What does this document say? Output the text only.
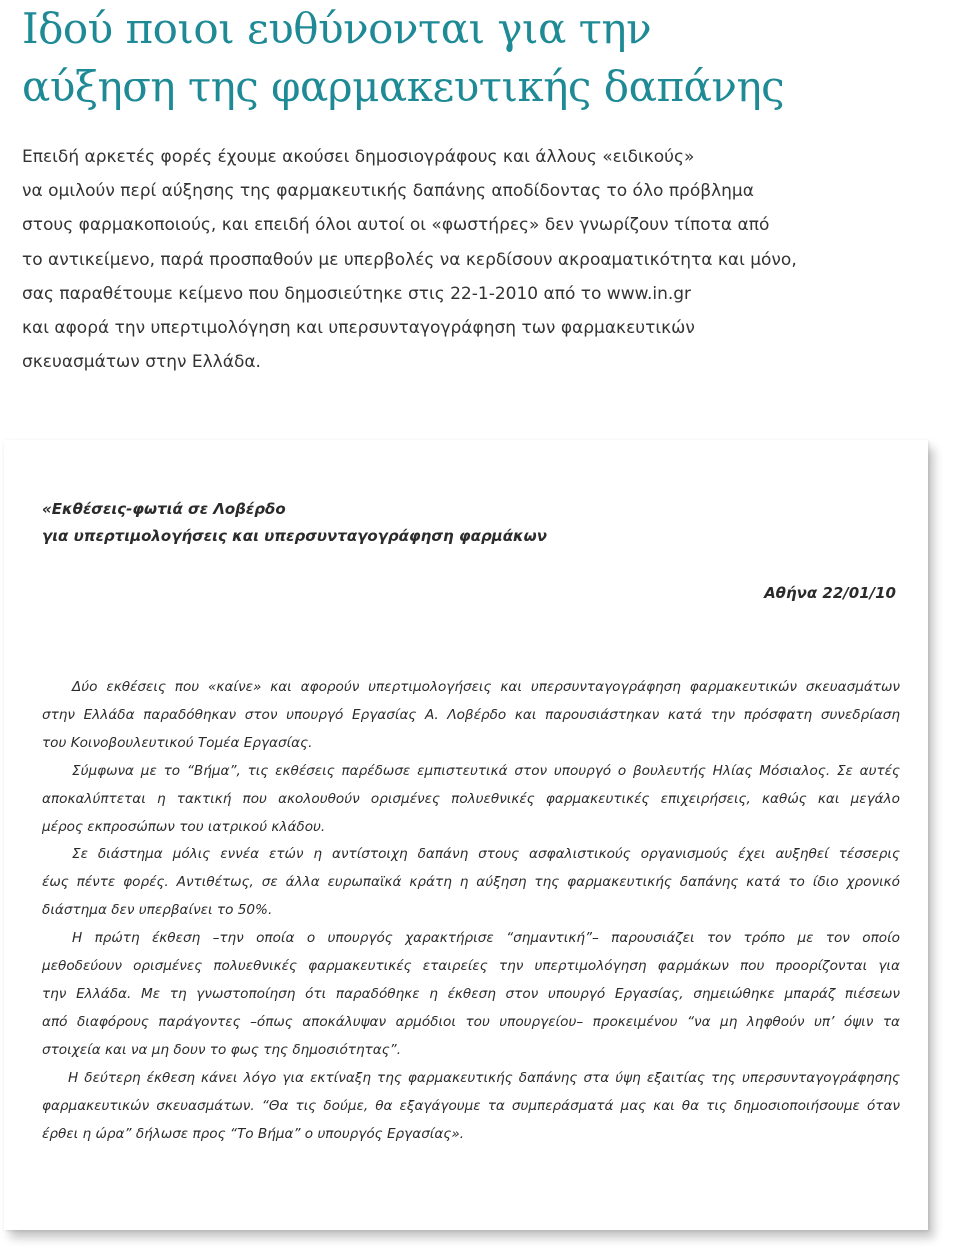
Ιδού ποιοι ευθύνονται για την
αύξηση της φαρμακευτικής δαπάνης
Επειδή αρκετές φορές έχουμε ακούσει δημοσιογράφους και άλλους «ειδικούς»
να ομιλούν περί αύξησης της φαρμακευτικής δαπάνης αποδίδοντας το όλο πρόβλημα
στους φαρμακοποιούς, και επειδή όλοι αυτοί οι «φωστήρες» δεν γνωρίζουν τίποτα από
το αντικείμενο, παρά προσπαθούν με υπερβολές να κερδίσουν ακροαματικότητα και μόνο,
σας παραθέτουμε κείμενο που δημοσιεύτηκε στις 22-1-2010 από το www.in.gr
και αφορά την υπερτιμολόγηση και υπερσυνταγογράφηση των φαρμακευτικών
σκευασμάτων στην Ελλάδα.
«Εκθέσεις-φωτιά σε Λοβέρδο
για υπερτιμολογήσεις και υπερσυνταγογράφηση φαρμάκων
Αθήνα 22/01/10
Δύο εκθέσεις που «καίνε» και αφορούν υπερτιμολογήσεις και υπερσυνταγογράφηση φαρμακευτικών σκευασμάτων
στην Ελλάδα παραδόθηκαν στον υπουργό Εργασίας Α. Λοβέρδο και παρουσιάστηκαν κατά την πρόσφατη συνεδρίαση
του Κοινοβουλευτικού Τομέα Εργασίας.
Σύμφωνα με το “Βήμα”, τις εκθέσεις παρέδωσε εμπιστευτικά στον υπουργό ο βουλευτής Ηλίας Μόσιαλος. Σε αυτές
αποκαλύπτεται η τακτική που ακολουθούν ορισμένες πολυεθνικές φαρμακευτικές επιχειρήσεις, καθώς και μεγάλο
μέρος εκπροσώπων του ιατρικού κλάδου.
Σε διάστημα μόλις εννέα ετών η αντίστοιχη δαπάνη στους ασφαλιστικούς οργανισμούς έχει αυξηθεί τέσσερις
έως πέντε φορές. Αντιθέτως, σε άλλα ευρωπαϊκά κράτη η αύξηση της φαρμακευτικής δαπάνης κατά το ίδιο χρονικό
διάστημα δεν υπερβαίνει το 50%.
Η πρώτη έκθεση –την οποία ο υπουργός χαρακτήρισε “σημαντική”– παρουσιάζει τον τρόπο με τον οποίο
μεθοδεύουν ορισμένες πολυεθνικές φαρμακευτικές εταιρείες την υπερτιμολόγηση φαρμάκων που προορίζονται για
την Ελλάδα. Με τη γνωστοποίηση ότι παραδόθηκε η έκθεση στον υπουργό Εργασίας, σημειώθηκε μπαράζ πιέσεων
από διαφόρους παράγοντες –όπως αποκάλυψαν αρμόδιοι του υπουργείου– προκειμένου “να μη ληφθούν υπ’ όψιν τα
στοιχεία και να μη δουν το φως της δημοσιότητας”.
Η δεύτερη έκθεση κάνει λόγο για εκτίναξη της φαρμακευτικής δαπάνης στα ύψη εξαιτίας της υπερσυνταγογράφησης
φαρμακευτικών σκευασμάτων. “Θα τις δούμε, θα εξαγάγουμε τα συμπεράσματά μας και θα τις δημοσιοποιήσουμε όταν
έρθει η ώρα” δήλωσε προς “Το Βήμα” ο υπουργός Εργασίας».
